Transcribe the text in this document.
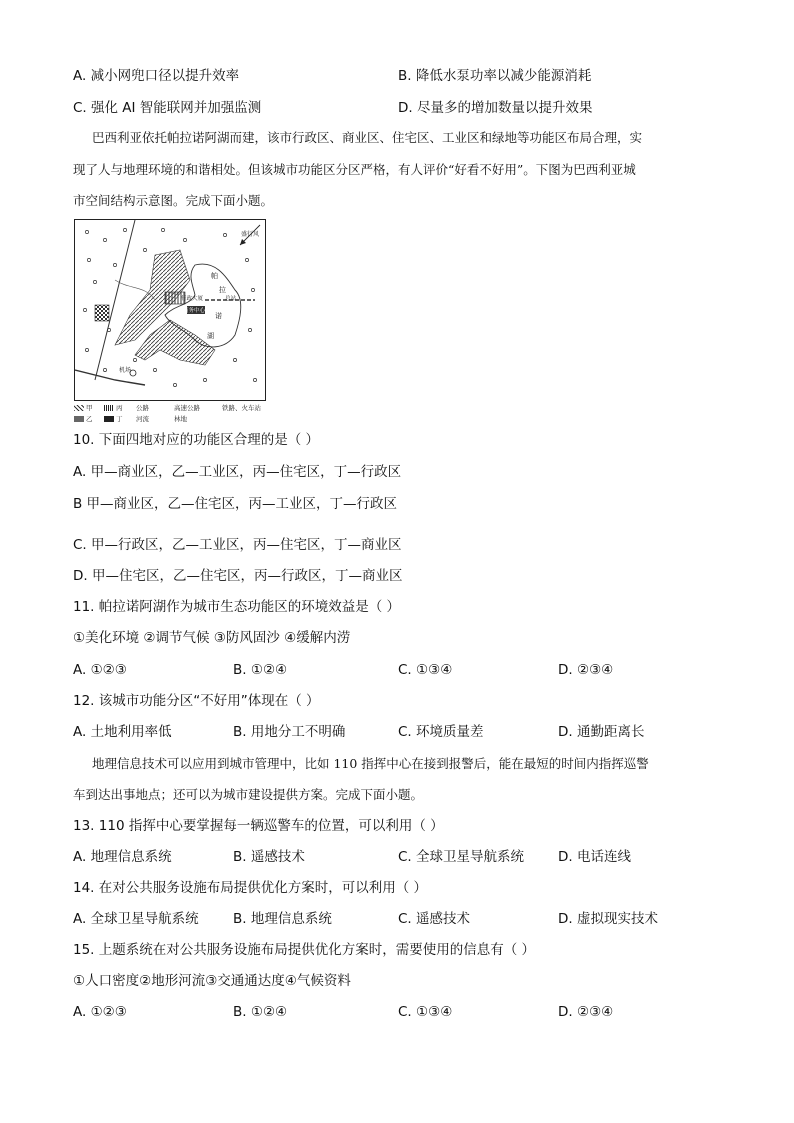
A. 减小网兜口径以提升效率	B. 降低水泵功率以减少能源消耗
C. 强化 AI 智能联网并加强监测	D. 尽量多的增加数量以提升效果
巴西利亚依托帕拉诺阿湖而建，该市行政区、商业区、住宅区、工业区和绿地等功能区布局合理，实
现了人与地理环境的和谐相处。但该城市功能区分区严格，有人评价“好看不好用”。下图为巴西利亚城
市空间结构示意图。完成下面小题。
盛行风
帕
拉
诺
湖
行政大厦	总站
商务中心
机场
甲	丙 公路	高速公路	铁路、火车站
乙	丁 河流	林地
10. 下面四地对应的功能区合理的是（ ）
A. 甲—商业区，乙—工业区，丙—住宅区，丁—行政区
B 甲—商业区，乙—住宅区，丙—工业区，丁—行政区
C. 甲—行政区，乙—工业区，丙—住宅区，丁—商业区
D. 甲—住宅区，乙—住宅区，丙—行政区，丁—商业区
11. 帕拉诺阿湖作为城市生态功能区的环境效益是（ ）
①美化环境 ②调节气候 ③防风固沙 ④缓解内涝
A. ①②③	B. ①②④	C. ①③④	D. ②③④
12. 该城市功能分区“不好用”体现在（ ）
A. 土地利用率低	B. 用地分工不明确	C. 环境质量差	D. 通勤距离长
地理信息技术可以应用到城市管理中，比如 110 指挥中心在接到报警后，能在最短的时间内指挥巡警
车到达出事地点；还可以为城市建设提供方案。完成下面小题。
13. 110 指挥中心要掌握每一辆巡警车的位置，可以利用（ ）
A. 地理信息系统	B. 遥感技术	C. 全球卫星导航系统	D. 电话连线
14. 在对公共服务设施布局提供优化方案时，可以利用（ ）
A. 全球卫星导航系统	B. 地理信息系统	C. 遥感技术	D. 虚拟现实技术
15. 上题系统在对公共服务设施布局提供优化方案时，需要使用的信息有（ ）
①人口密度②地形河流③交通通达度④气候资料
A. ①②③	B. ①②④	C. ①③④	D. ②③④
